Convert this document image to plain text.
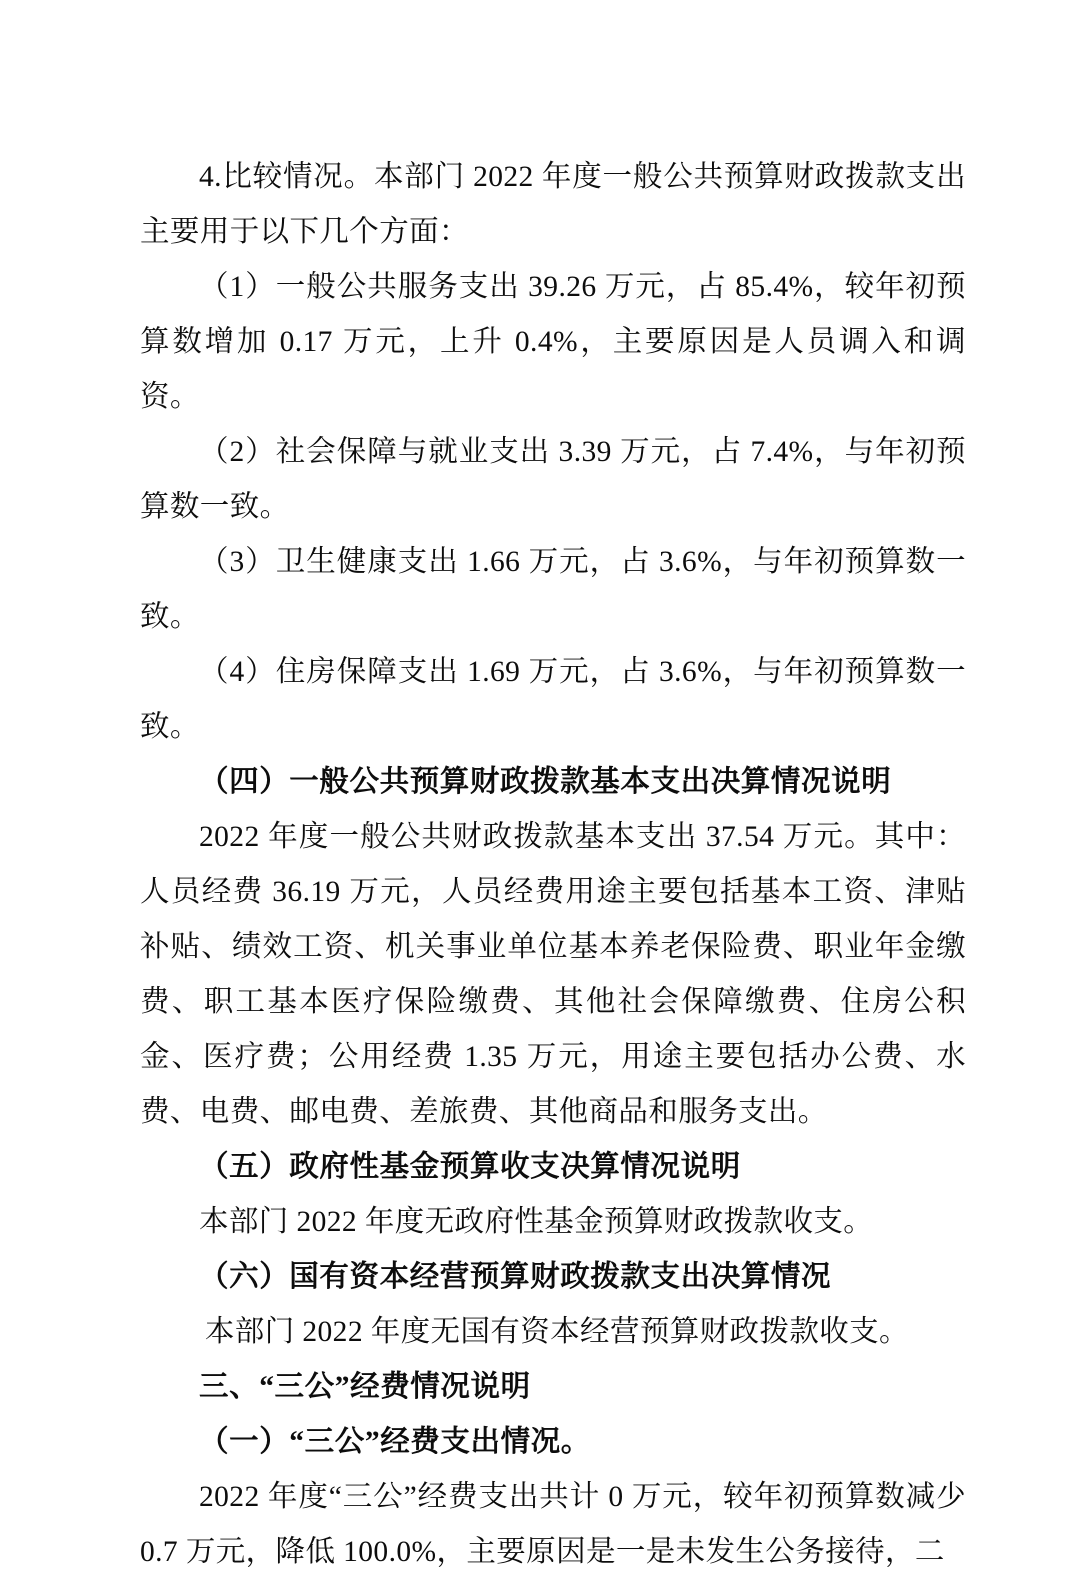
4.比较情况。本部门 2022 年度一般公共预算财政拨款支出主要用于以下几个方面：

（1）一般公共服务支出 39.26 万元，占 85.4%，较年初预算数增加 0.17 万元，上升 0.4%，主要原因是人员调入和调资。

（2）社会保障与就业支出 3.39 万元，占 7.4%，与年初预算数一致。

（3）卫生健康支出 1.66 万元，占 3.6%，与年初预算数一致。

（4）住房保障支出 1.69 万元，占 3.6%，与年初预算数一致。

（四）一般公共预算财政拨款基本支出决算情况说明

2022 年度一般公共财政拨款基本支出 37.54 万元。其中：人员经费 36.19 万元，人员经费用途主要包括基本工资、津贴补贴、绩效工资、机关事业单位基本养老保险费、职业年金缴费、职工基本医疗保险缴费、其他社会保障缴费、住房公积金、医疗费；公用经费 1.35 万元，用途主要包括办公费、水费、电费、邮电费、差旅费、其他商品和服务支出。

（五）政府性基金预算收支决算情况说明

本部门 2022 年度无政府性基金预算财政拨款收支。

（六）国有资本经营预算财政拨款支出决算情况

本部门 2022 年度无国有资本经营预算财政拨款收支。

三、“三公”经费情况说明

（一）“三公”经费支出情况。

2022 年度“三公”经费支出共计 0 万元，较年初预算数减少 0.7 万元，降低 100.0%，主要原因是一是未发生公务接待，二
